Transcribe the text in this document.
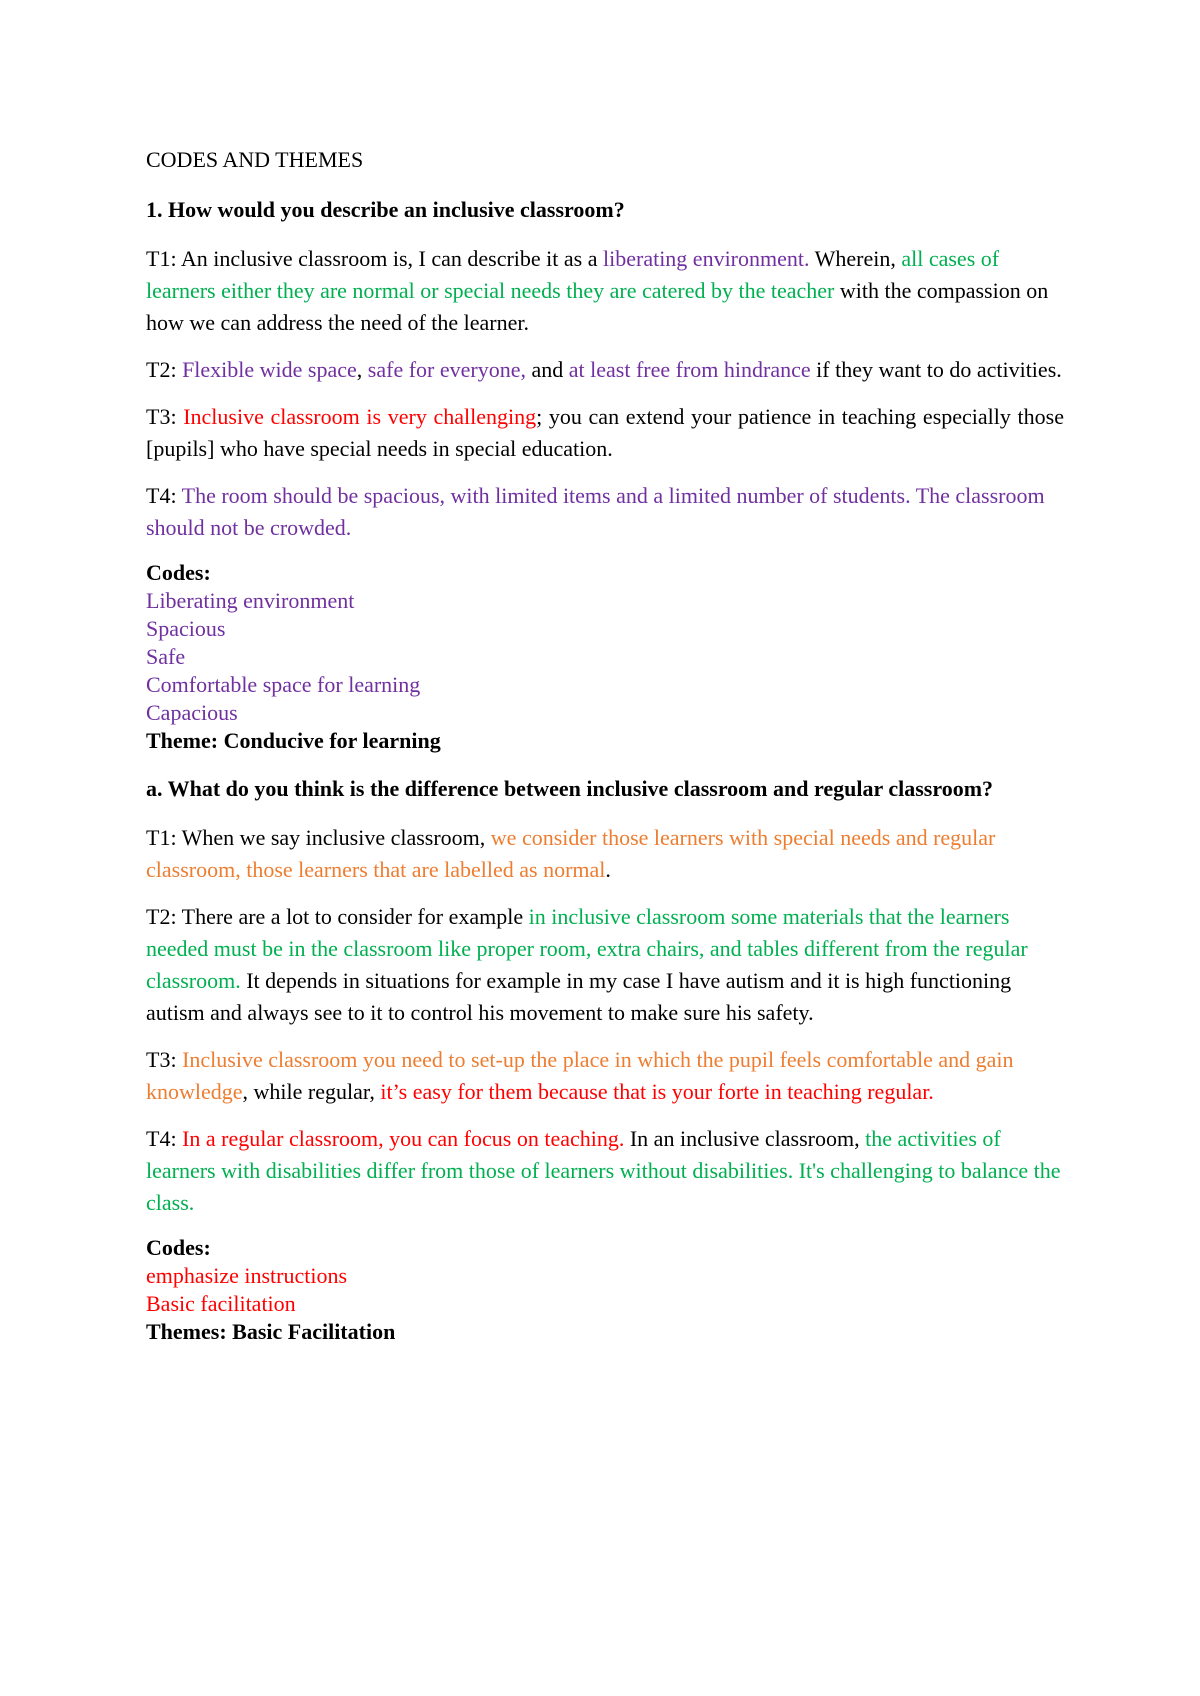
CODES AND THEMES
1. How would you describe an inclusive classroom?
T1: An inclusive classroom is, I can describe it as a liberating environment. Wherein, all cases of learners either they are normal or special needs they are catered by the teacher with the compassion on how we can address the need of the learner.
T2: Flexible wide space, safe for everyone, and at least free from hindrance if they want to do activities.
T3: Inclusive classroom is very challenging; you can extend your patience in teaching especially those [pupils] who have special needs in special education.
T4: The room should be spacious, with limited items and a limited number of students. The classroom should not be crowded.
Codes:
Liberating environment
Spacious
Safe
Comfortable space for learning
Capacious
Theme: Conducive for learning
a. What do you think is the difference between inclusive classroom and regular classroom?
T1: When we say inclusive classroom, we consider those learners with special needs and regular classroom, those learners that are labelled as normal.
T2: There are a lot to consider for example in inclusive classroom some materials that the learners needed must be in the classroom like proper room, extra chairs, and tables different from the regular classroom. It depends in situations for example in my case I have autism and it is high functioning autism and always see to it to control his movement to make sure his safety.
T3: Inclusive classroom you need to set-up the place in which the pupil feels comfortable and gain knowledge, while regular, it’s easy for them because that is your forte in teaching regular.
T4: In a regular classroom, you can focus on teaching. In an inclusive classroom, the activities of learners with disabilities differ from those of learners without disabilities. It's challenging to balance the class.
Codes:
emphasize instructions
Basic facilitation
Themes: Basic Facilitation
